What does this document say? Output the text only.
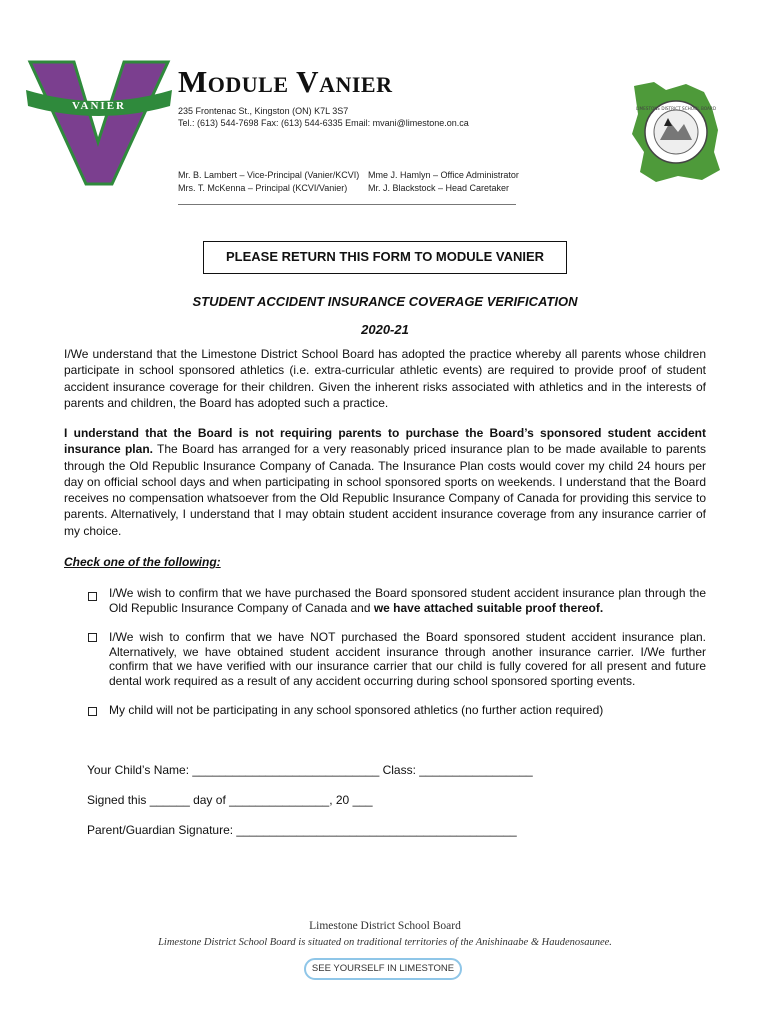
VANIER
Module Vanier
235 Frontenac St., Kingston (ON) K7L 3S7
Tel.: (613) 544-7698 Fax: (613) 544-6335 Email: mvani@limestone.on.ca
Mr. B. Lambert – Vice-Principal (Vanier/KCVI)
Mrs. T. McKenna – Principal (KCVI/Vanier)
Mme J. Hamlyn – Office Administrator
Mr. J. Blackstock – Head Caretaker
LIMESTONE DISTRICT SCHOOL BOARD
PLEASE RETURN THIS FORM TO MODULE VANIER
STUDENT ACCIDENT INSURANCE COVERAGE VERIFICATION
2020-21
I/We understand that the Limestone District School Board has adopted the practice whereby all parents whose children participate in school sponsored athletics (i.e. extra-curricular athletic events) are required to provide proof of student accident insurance coverage for their children. Given the inherent risks associated with athletics and in the interests of parents and children, the Board has adopted such a practice.
I understand that the Board is not requiring parents to purchase the Board’s sponsored student accident insurance plan. The Board has arranged for a very reasonably priced insurance plan to be made available to parents through the Old Republic Insurance Company of Canada. The Insurance Plan costs would cover my child 24 hours per day on official school days and when participating in school sponsored sports on weekends. I understand that the Board receives no compensation whatsoever from the Old Republic Insurance Company of Canada for providing this service to parents. Alternatively, I understand that I may obtain student accident insurance coverage from any insurance carrier of my choice.
Check one of the following:
I/We wish to confirm that we have purchased the Board sponsored student accident insurance plan through the Old Republic Insurance Company of Canada and we have attached suitable proof thereof.
I/We wish to confirm that we have NOT purchased the Board sponsored student accident insurance plan. Alternatively, we have obtained student accident insurance through another insurance carrier. I/We further confirm that we have verified with our insurance carrier that our child is fully covered for all present and future dental work required as a result of any accident occurring during school sponsored sporting events.
My child will not be participating in any school sponsored athletics (no further action required)
Your Child’s Name: ____________________________ Class: _________________
Signed this ______ day of _______________, 20 ___
Parent/Guardian Signature: __________________________________________
Limestone District School Board
Limestone District School Board is situated on traditional territories of the Anishinaabe & Haudenosaunee.
SEE YOURSELF IN LIMESTONE
